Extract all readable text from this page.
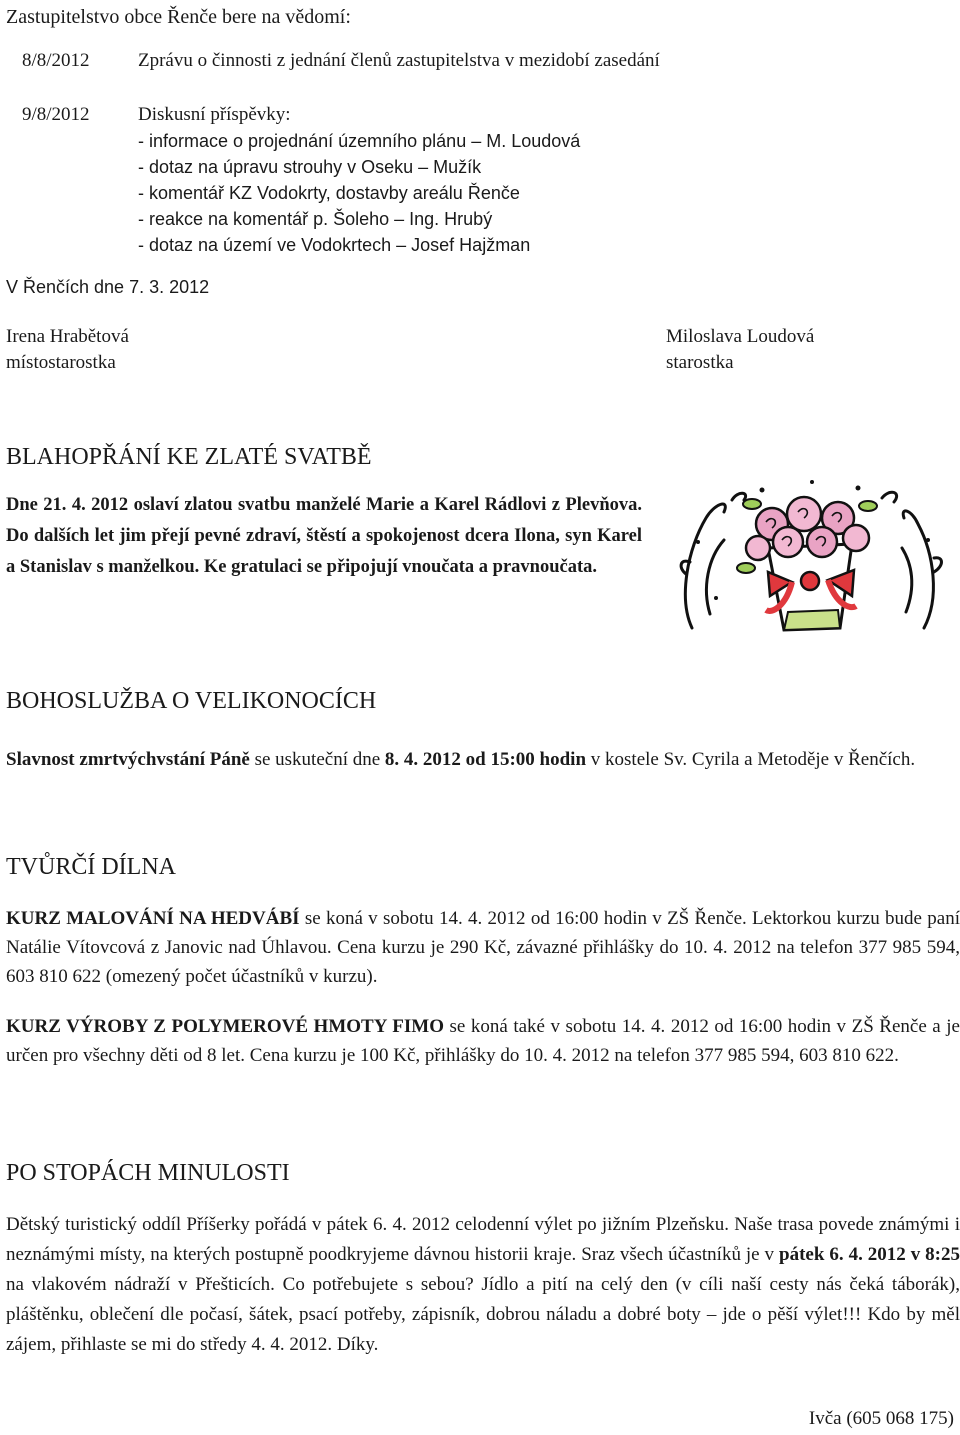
Zastupitelstvo obce Řenče bere na vědomí:
8/8/2012	Zprávu o činnosti z jednání členů zastupitelstva v mezidobí zasedání
9/8/2012	Diskusní příspěvky:
- informace o projednání územního plánu – M. Loudová
- dotaz na úpravu strouhy v Oseku – Mužík
- komentář KZ Vodokrty, dostavby areálu Řenče
- reakce na komentář p. Šoleho – Ing. Hrubý
- dotaz na území ve Vodokrtech – Josef Hajžman
V Řenčích dne 7. 3. 2012
Irena Hrabětová
místostarostka
Miloslava Loudová
starostka
BLAHOPŘÁNÍ KE ZLATÉ SVATBĚ
Dne 21. 4. 2012 oslaví zlatou svatbu manželé Marie a Karel Rádlovi z Plevňova. Do dalších let jim přejí pevné zdraví, štěstí a spokojenost dcera Ilona, syn Karel a Stanislav s manželkou. Ke gratulaci se připojují vnoučata a pravnoučata.
BOHOSLUŽBA O VELIKONOCÍCH
Slavnost zmrtvýchvstání Páně se uskuteční dne 8. 4. 2012 od 15:00 hodin v kostele Sv. Cyrila a Metoděje v Řenčích.
TVŮRČÍ DÍLNA
KURZ MALOVÁNÍ NA HEDVÁBÍ se koná v sobotu 14. 4. 2012 od 16:00 hodin v ZŠ Řenče. Lektorkou kurzu bude paní Natálie Vítovcová z Janovic nad Úhlavou. Cena kurzu je 290 Kč, závazné přihlášky do 10. 4. 2012 na telefon 377 985 594, 603 810 622 (omezený počet účastníků v kurzu).
KURZ VÝROBY Z POLYMEROVÉ HMOTY FIMO se koná také v sobotu 14. 4. 2012 od 16:00 hodin v ZŠ Řenče a je určen pro všechny děti od 8 let. Cena kurzu je 100 Kč, přihlášky do 10. 4. 2012 na telefon 377 985 594, 603 810 622.
PO STOPÁCH MINULOSTI
Dětský turistický oddíl Příšerky pořádá v pátek 6. 4. 2012 celodenní výlet po jižním Plzeňsku. Naše trasa povede známými i neznámými místy, na kterých postupně poodkryjeme dávnou historii kraje. Sraz všech účastníků je v pátek 6. 4. 2012 v 8:25 na vlakovém nádraží v Přešticích. Co potřebujete s sebou? Jídlo a pití na celý den (v cíli naší cesty nás čeká táborák), pláštěnku, oblečení dle počasí, šátek, psací potřeby, zápisník, dobrou náladu a dobré boty – jde o pěší výlet!!! Kdo by měl zájem, přihlaste se mi do středy 4. 4. 2012. Díky.
Ivča (605 068 175)
